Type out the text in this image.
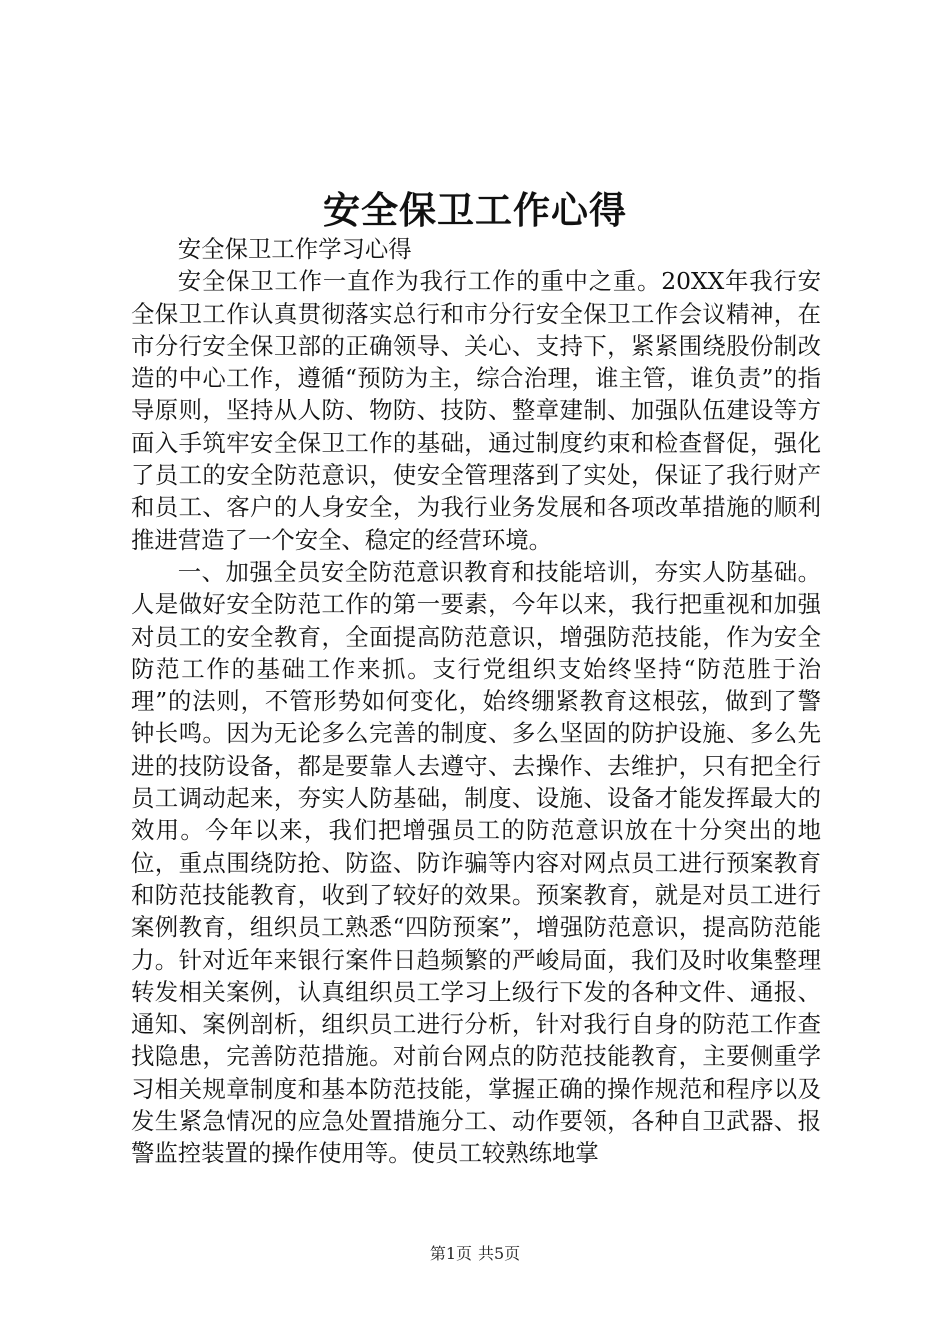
安全保卫工作心得

安全保卫工作学习心得

安全保卫工作一直作为我行工作的重中之重。20XX年我行安全保卫工作认真贯彻落实总行和市分行安全保卫工作会议精神，在市分行安全保卫部的正确领导、关心、支持下，紧紧围绕股份制改造的中心工作，遵循“预防为主，综合治理，谁主管，谁负责”的指导原则，坚持从人防、物防、技防、整章建制、加强队伍建设等方面入手筑牢安全保卫工作的基础，通过制度约束和检查督促，强化了员工的安全防范意识，使安全管理落到了实处，保证了我行财产和员工、客户的人身安全，为我行业务发展和各项改革措施的顺利推进营造了一个安全、稳定的经营环境。

一、加强全员安全防范意识教育和技能培训，夯实人防基础。人是做好安全防范工作的第一要素，今年以来，我行把重视和加强对员工的安全教育，全面提高防范意识，增强防范技能，作为安全防范工作的基础工作来抓。支行党组织支始终坚持“防范胜于治理”的法则，不管形势如何变化，始终绷紧教育这根弦，做到了警钟长鸣。因为无论多么完善的制度、多么坚固的防护设施、多么先进的技防设备，都是要靠人去遵守、去操作、去维护，只有把全行员工调动起来，夯实人防基础，制度、设施、设备才能发挥最大的效用。今年以来，我们把增强员工的防范意识放在十分突出的地位，重点围绕防抢、防盗、防诈骗等内容对网点员工进行预案教育和防范技能教育，收到了较好的效果。预案教育，就是对员工进行案例教育，组织员工熟悉“四防预案”，增强防范意识，提高防范能力。针对近年来银行案件日趋频繁的严峻局面，我们及时收集整理转发相关案例，认真组织员工学习上级行下发的各种文件、通报、通知、案例剖析，组织员工进行分析，针对我行自身的防范工作查找隐患，完善防范措施。对前台网点的防范技能教育，主要侧重学习相关规章制度和基本防范技能，掌握正确的操作规范和程序以及发生紧急情况的应急处置措施分工、动作要领，各种自卫武器、报警监控装置的操作使用等。使员工较熟练地掌

第1页 共5页
